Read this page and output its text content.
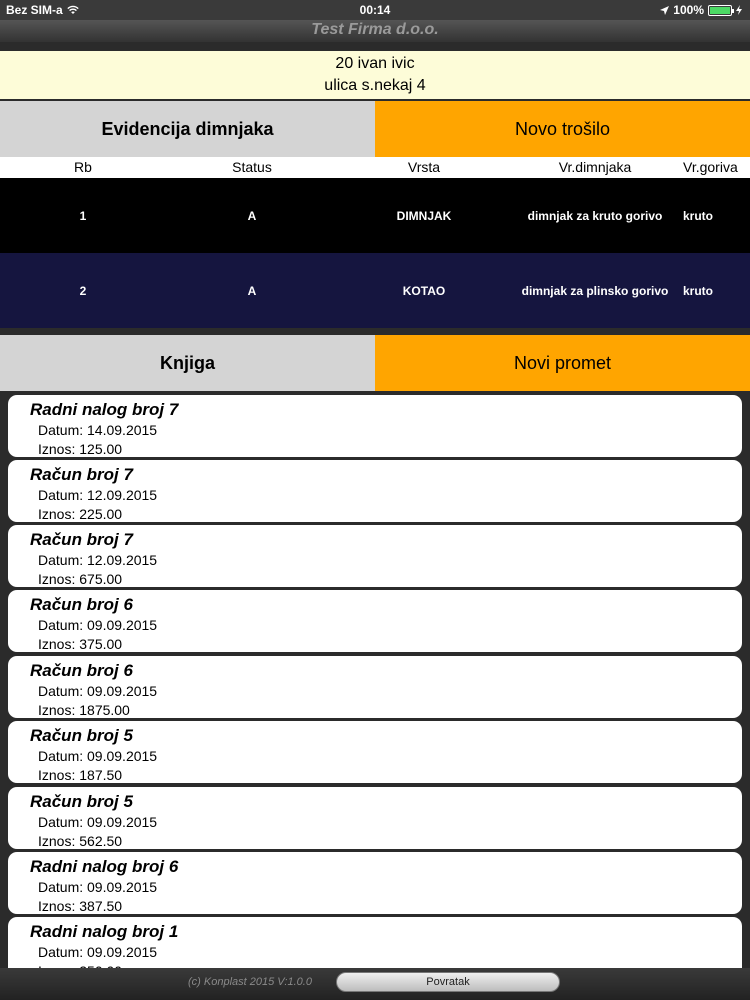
Bez SIM-a	00:14	100%
Test Firma d.o.o.
20 ivan ivic
ulica s.nekaj 4
Evidencija dimnjaka	Novo trošilo
Rb	Status	Vrsta	Vr.dimnjaka	Vr.goriva
1	A	DIMNJAK	dimnjak za kruto gorivo	kruto
2	A	KOTAO	dimnjak za plinsko gorivo	kruto
Knjiga	Novi promet
Radni nalog broj 7
Datum: 14.09.2015
Iznos: 125.00
Račun broj 7
Datum: 12.09.2015
Iznos: 225.00
Račun broj 7
Datum: 12.09.2015
Iznos: 675.00
Račun broj 6
Datum: 09.09.2015
Iznos: 375.00
Račun broj 6
Datum: 09.09.2015
Iznos: 1875.00
Račun broj 5
Datum: 09.09.2015
Iznos: 187.50
Račun broj 5
Datum: 09.09.2015
Iznos: 562.50
Radni nalog broj 6
Datum: 09.09.2015
Iznos: 387.50
Radni nalog broj 1
Datum: 09.09.2015
(c) Konplast 2015 V:1.0.0	Povratak
